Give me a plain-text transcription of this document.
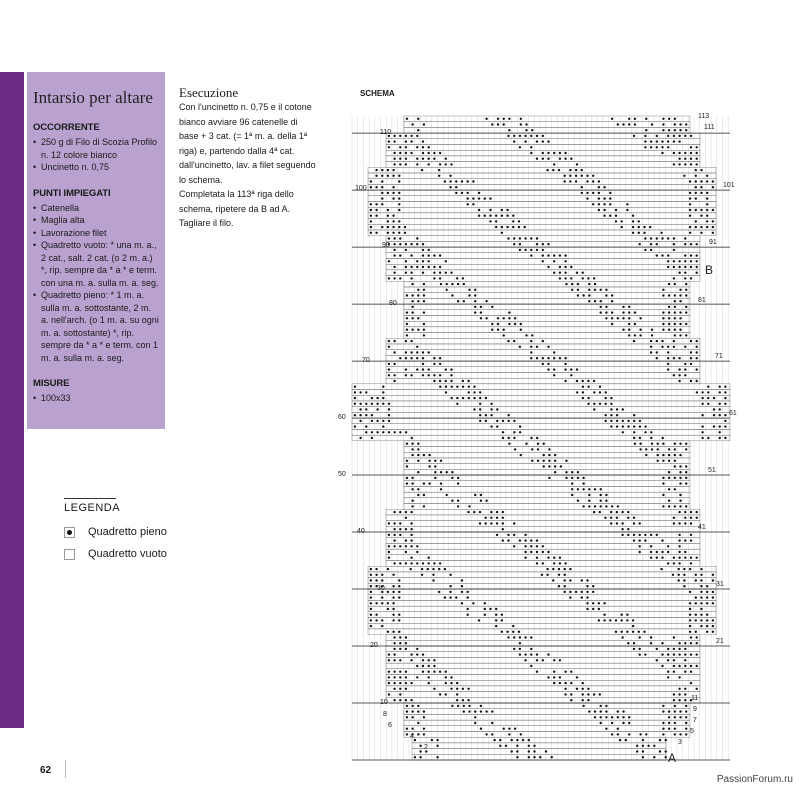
Intarsio per altare
OCCORRENTE
• 250 g di Filo di Scozia Profilo n. 12 colore bianco
• Uncinetto n. 0,75
PUNTI IMPIEGATI
• Catenella
• Maglia alta
• Lavorazione filet
• Quadretto vuoto: * una m. a., 2 cat., salt. 2 cat. (o 2 m. a.) *, rip. sempre da * a * e term. con una m. a. sulla m. a. seg.
• Quadretto pieno: * 1 m. a. sulla m. a. sottostante, 2 m. a. nell'arch. (o 1 m. a. su ogni m. a. sottostante) *, rip. sempre da * a * e term. con 1 m. a. sulla m. a. seg.
MISURE
• 100x33
Esecuzione

Con l'uncinetto n. 0,75 e il cotone bianco avviare 96 catenelle di base + 3 cat. (= 1ª m. a. della 1ª riga) e, partendo dalla 4ª cat. dall'uncinetto, lav. a filet seguendo lo schema.

Completata la 113ª riga dello schema, ripetere da B ad A. Tagliare il filo.

LEGENDA
Quadretto pieno
Quadretto vuoto
SCHEMA
110
100
90
80
70
60
50
40
30
20
10
8
6
4
2
113
111
101
91
81
71
61
51
41
31
21
11
9
7
5
3
B
A
62
PassionForum.ru
